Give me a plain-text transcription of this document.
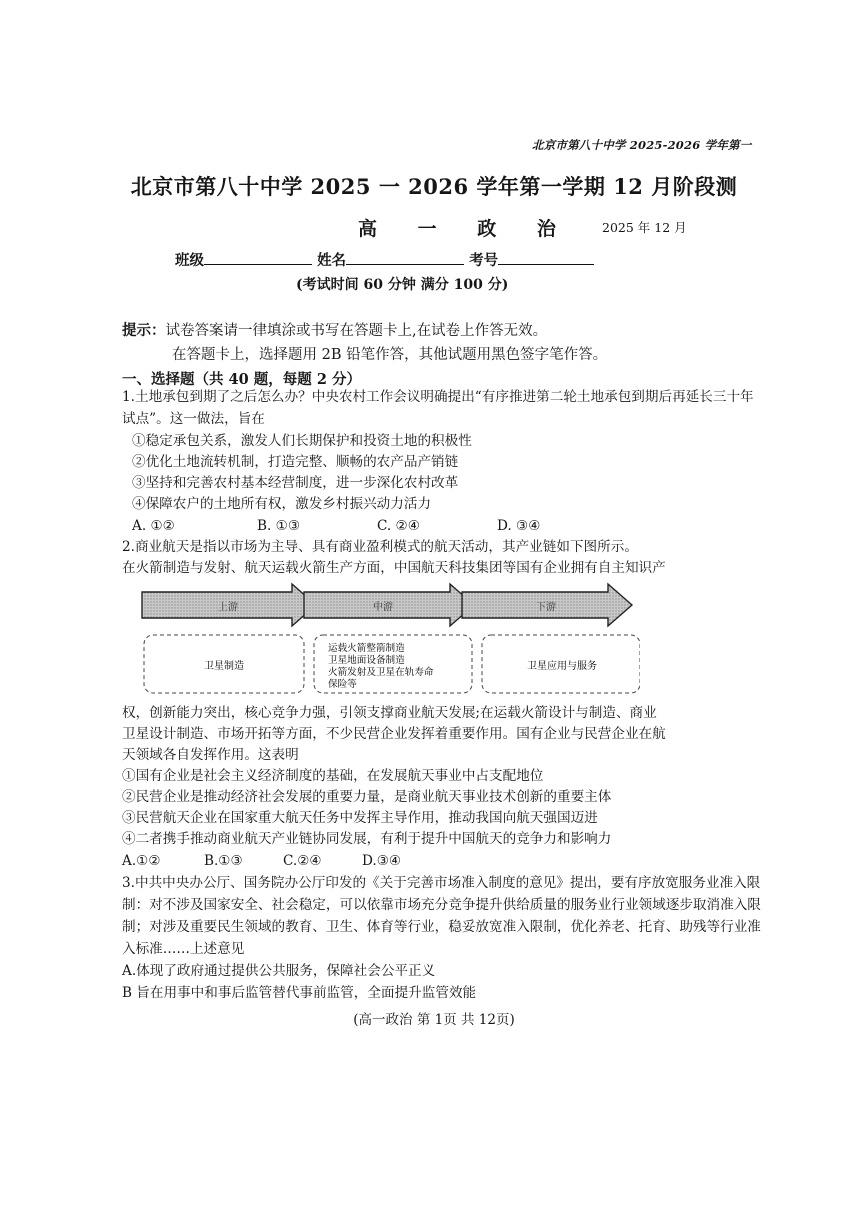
北京市第八十中学 2025-2026 学年第一
北京市第八十中学 2025 一 2026 学年第一学期 12 月阶段测
高 一 政 治 2025 年 12 月
班级	姓名	考号
(考试时间 60 分钟 满分 100 分)
提示：试卷答案请一律填涂或书写在答题卡上,在试卷上作答无效。
在答题卡上，选择题用 2B 铅笔作答，其他试题用黑色签字笔作答。
一、选择题（共 40 题，每题 2 分）
1.土地承包到期了之后怎么办？中央农村工作会议明确提出“有序推进第二轮土地承包到期后再延长三十年
试点”。这一做法，旨在
①稳定承包关系，激发人们长期保护和投资土地的积极性
②优化土地流转机制，打造完整、顺畅的农产品产销链
③坚持和完善农村基本经营制度，进一步深化农村改革
④保障农户的土地所有权，激发乡村振兴动力活力
A. ①②	B. ①③	C. ②④	D. ③④
2.商业航天是指以市场为主导、具有商业盈利模式的航天活动，其产业链如下图所示。
在火箭制造与发射、航天运载火箭生产方面，中国航天科技集团等国有企业拥有自主知识产
上游	中游	下游
卫星制造
运载火箭整箭制造
卫星地面设备制造
火箭发射及卫星在轨寿命
保险等
卫星应用与服务
权，创新能力突出，核心竞争力强，引领支撑商业航天发展;在运载火箭设计与制造、商业
卫星设计制造、市场开拓等方面，不少民营企业发挥着重要作用。国有企业与民营企业在航
天领域各自发挥作用。这表明
①国有企业是社会主义经济制度的基础，在发展航天事业中占支配地位
②民营企业是推动经济社会发展的重要力量，是商业航天事业技术创新的重要主体
③民营航天企业在国家重大航天任务中发挥主导作用，推动我国向航天强国迈进
④二者携手推动商业航天产业链协同发展，有利于提升中国航天的竞争力和影响力
A.①②	B.①③	C.②④	D.③④
3.中共中央办公厅、国务院办公厅印发的《关于完善市场准入制度的意见》提出，要有序放宽服务业准入限
制：对不涉及国家安全、社会稳定，可以依靠市场充分竞争提升供给质量的服务业行业领域逐步取消准入限
制；对涉及重要民生领域的教育、卫生、体育等行业，稳妥放宽准入限制，优化养老、托育、助残等行业准
入标准……上述意见
A.体现了政府通过提供公共服务，保障社会公平正义
B 旨在用事中和事后监管替代事前监管，全面提升监管效能
(高一政治 第 1页 共 12页)
